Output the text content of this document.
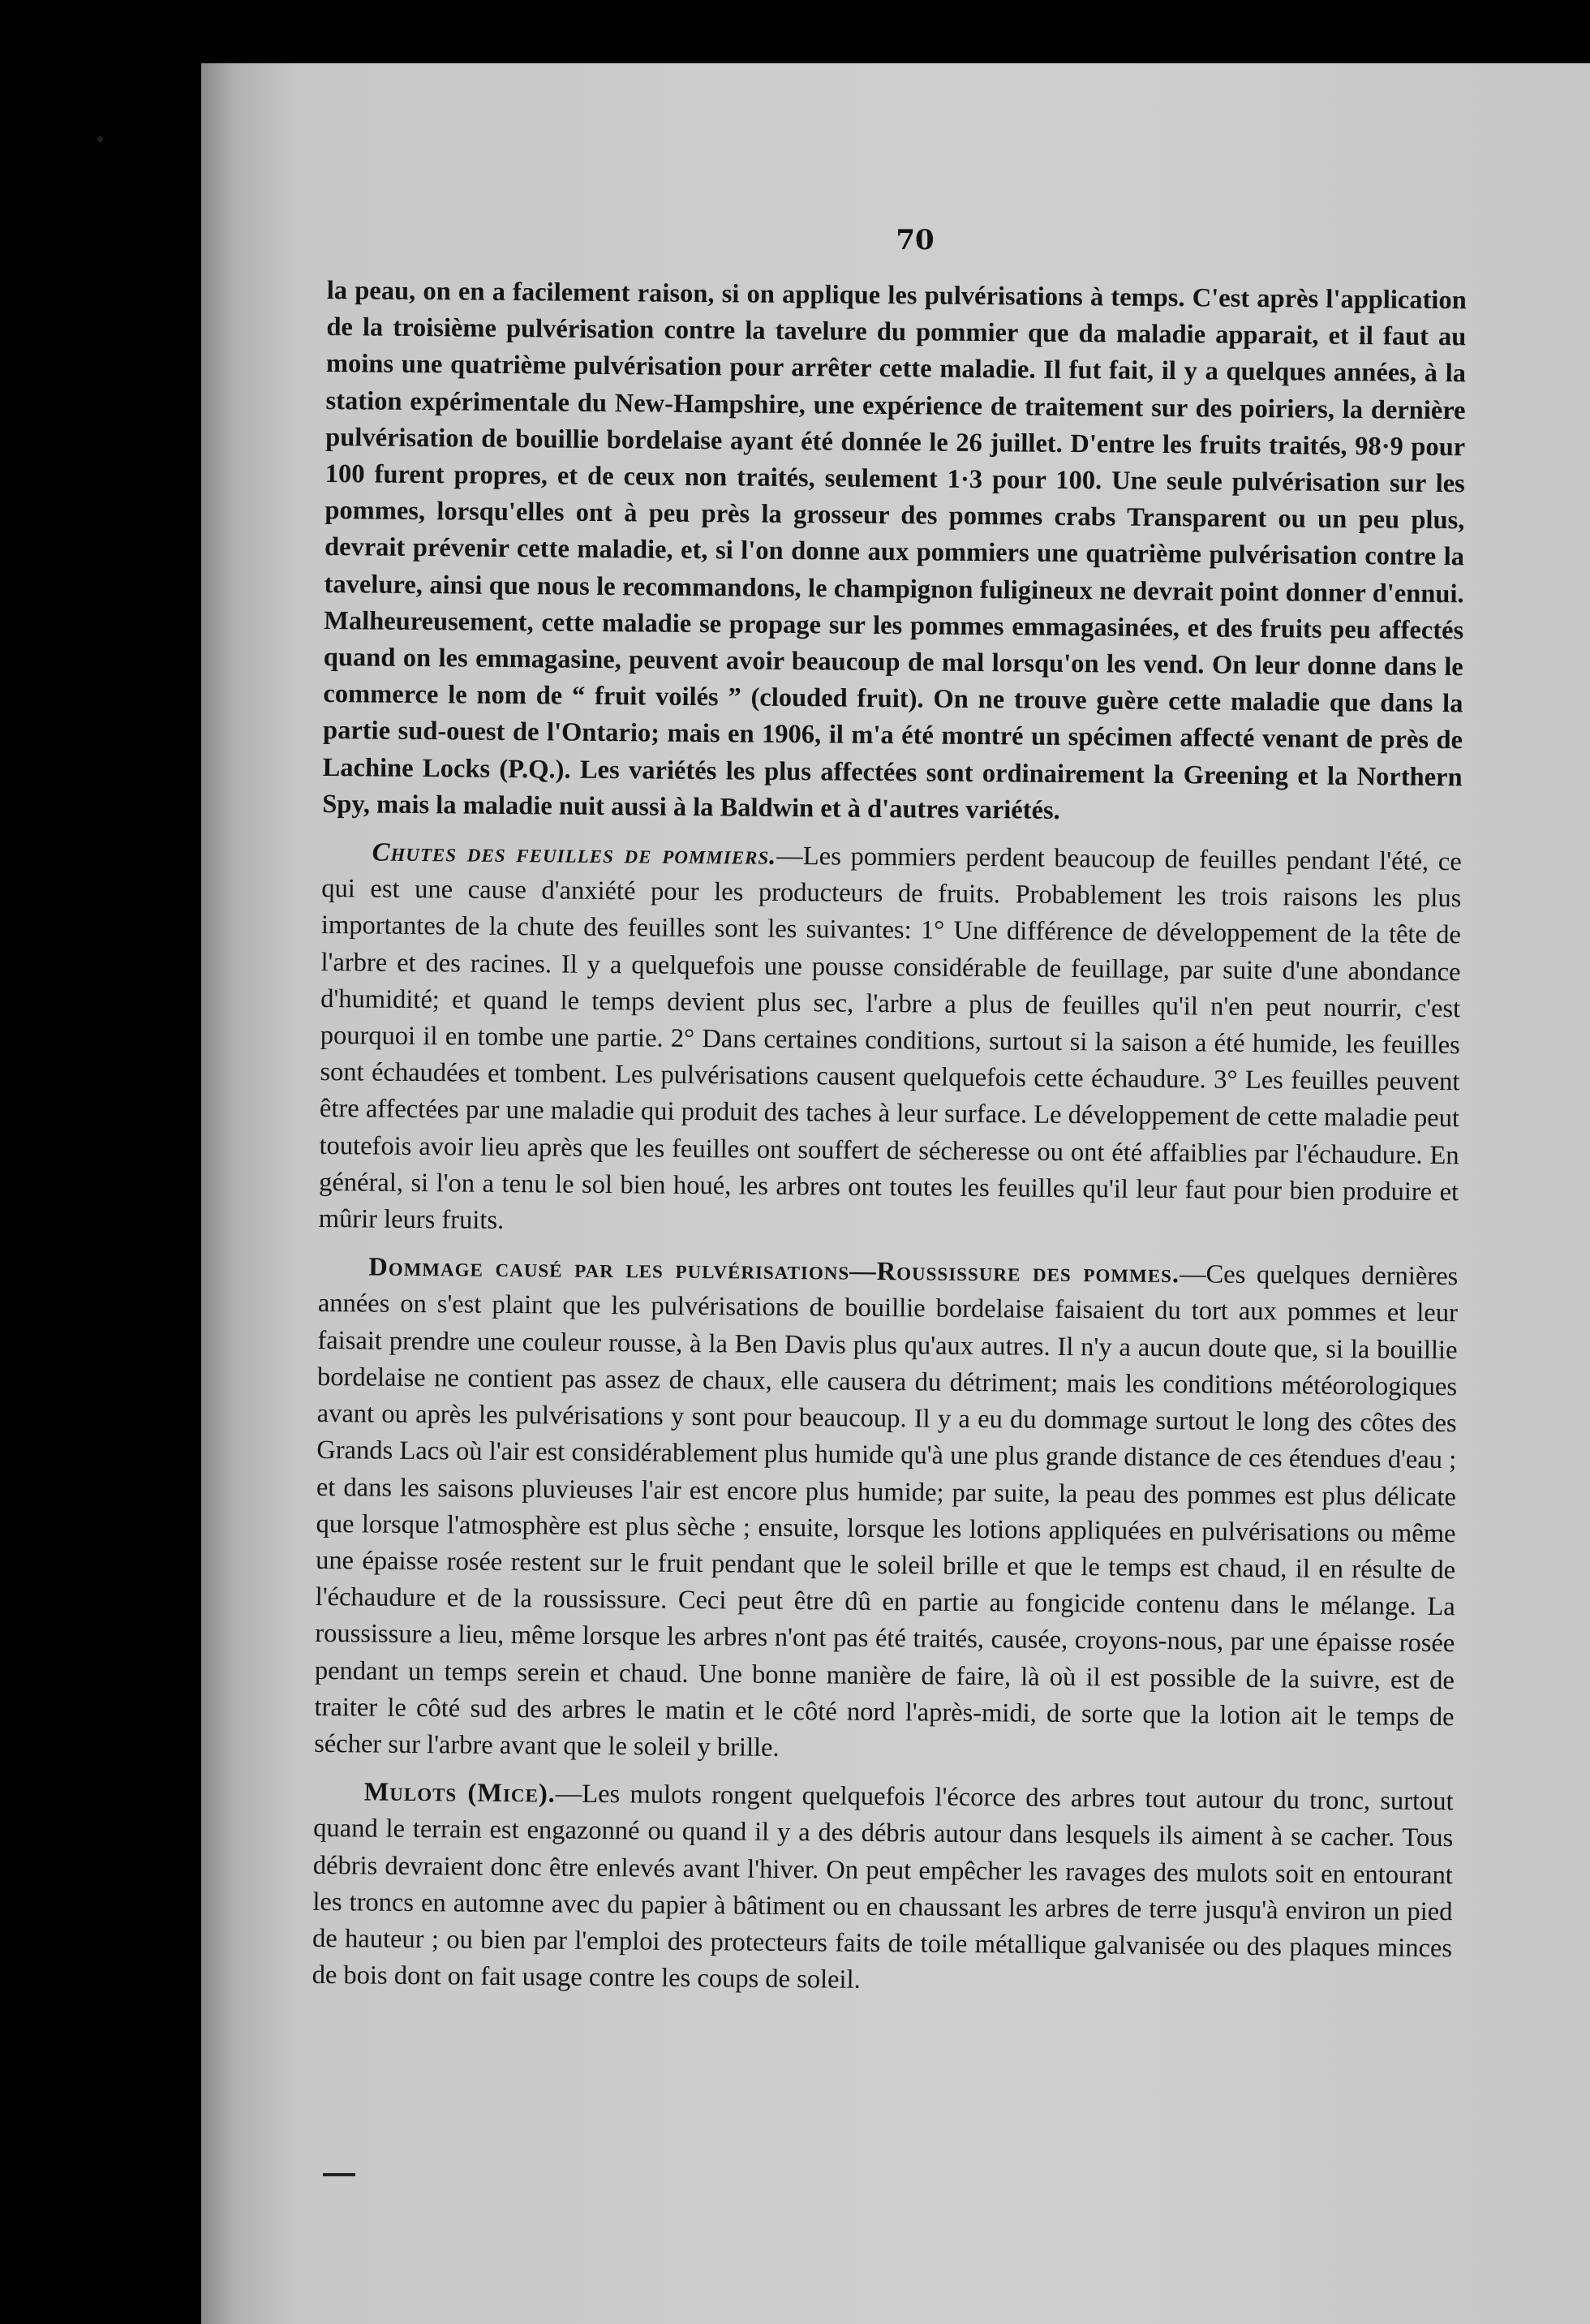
70

la peau, on en a facilement raison, si on applique les pulvérisations à temps. C'est après l'application de la troisième pulvérisation contre la tavelure du pommier que da maladie apparait, et il faut au moins une quatrième pulvérisation pour arrêter cette maladie. Il fut fait, il y a quelques années, à la station expérimentale du New-Hampshire, une expérience de traitement sur des poiriers, la dernière pulvérisation de bouillie bordelaise ayant été donnée le 26 juillet. D'entre les fruits traités, 98·9 pour 100 furent propres, et de ceux non traités, seulement 1·3 pour 100. Une seule pulvérisation sur les pommes, lorsqu'elles ont à peu près la grosseur des pommes crabs Transparent ou un peu plus, devrait prévenir cette maladie, et, si l'on donne aux pommiers une quatrième pulvérisation contre la tavelure, ainsi que nous le recommandons, le champignon fuligineux ne devrait point donner d'ennui. Malheureusement, cette maladie se propage sur les pommes emmagasinées, et des fruits peu affectés quand on les emmagasine, peuvent avoir beaucoup de mal lorsqu'on les vend. On leur donne dans le commerce le nom de “ fruit voilés ” (clouded fruit). On ne trouve guère cette maladie que dans la partie sud-ouest de l'Ontario; mais en 1906, il m'a été montré un spécimen affecté venant de près de Lachine Locks (P.Q.). Les variétés les plus affectées sont ordinairement la Greening et la Northern Spy, mais la maladie nuit aussi à la Baldwin et à d'autres variétés.

Chutes des feuilles de pommiers.—Les pommiers perdent beaucoup de feuilles pendant l'été, ce qui est une cause d'anxiété pour les producteurs de fruits. Probablement les trois raisons les plus importantes de la chute des feuilles sont les suivantes: 1° Une différence de développement de la tête de l'arbre et des racines. Il y a quelquefois une pousse considérable de feuillage, par suite d'une abondance d'humidité; et quand le temps devient plus sec, l'arbre a plus de feuilles qu'il n'en peut nourrir, c'est pourquoi il en tombe une partie. 2° Dans certaines conditions, surtout si la saison a été humide, les feuilles sont échaudées et tombent. Les pulvérisations causent quelquefois cette échaudure. 3° Les feuilles peuvent être affectées par une maladie qui produit des taches à leur surface. Le développement de cette maladie peut toutefois avoir lieu après que les feuilles ont souffert de sécheresse ou ont été affaiblies par l'échaudure. En général, si l'on a tenu le sol bien houé, les arbres ont toutes les feuilles qu'il leur faut pour bien produire et mûrir leurs fruits.

Dommage causé par les pulvérisations—Roussissure des pommes.—Ces quelques dernières années on s'est plaint que les pulvérisations de bouillie bordelaise faisaient du tort aux pommes et leur faisait prendre une couleur rousse, à la Ben Davis plus qu'aux autres. Il n'y a aucun doute que, si la bouillie bordelaise ne contient pas assez de chaux, elle causera du détriment; mais les conditions météorologiques avant ou après les pulvérisations y sont pour beaucoup. Il y a eu du dommage surtout le long des côtes des Grands Lacs où l'air est considérablement plus humide qu'à une plus grande distance de ces étendues d'eau ; et dans les saisons pluvieuses l'air est encore plus humide; par suite, la peau des pommes est plus délicate que lorsque l'atmosphère est plus sèche ; ensuite, lorsque les lotions appliquées en pulvérisations ou même une épaisse rosée restent sur le fruit pendant que le soleil brille et que le temps est chaud, il en résulte de l'échaudure et de la roussissure. Ceci peut être dû en partie au fongicide contenu dans le mélange. La roussissure a lieu, même lorsque les arbres n'ont pas été traités, causée, croyons-nous, par une épaisse rosée pendant un temps serein et chaud. Une bonne manière de faire, là où il est possible de la suivre, est de traiter le côté sud des arbres le matin et le côté nord l'après-midi, de sorte que la lotion ait le temps de sécher sur l'arbre avant que le soleil y brille.

Mulots (Mice).—Les mulots rongent quelquefois l'écorce des arbres tout autour du tronc, surtout quand le terrain est engazonné ou quand il y a des débris autour dans lesquels ils aiment à se cacher. Tous débris devraient donc être enlevés avant l'hiver. On peut empêcher les ravages des mulots soit en entourant les troncs en automne avec du papier à bâtiment ou en chaussant les arbres de terre jusqu'à environ un pied de hauteur ; ou bien par l'emploi des protecteurs faits de toile métallique galvanisée ou des plaques minces de bois dont on fait usage contre les coups de soleil.
